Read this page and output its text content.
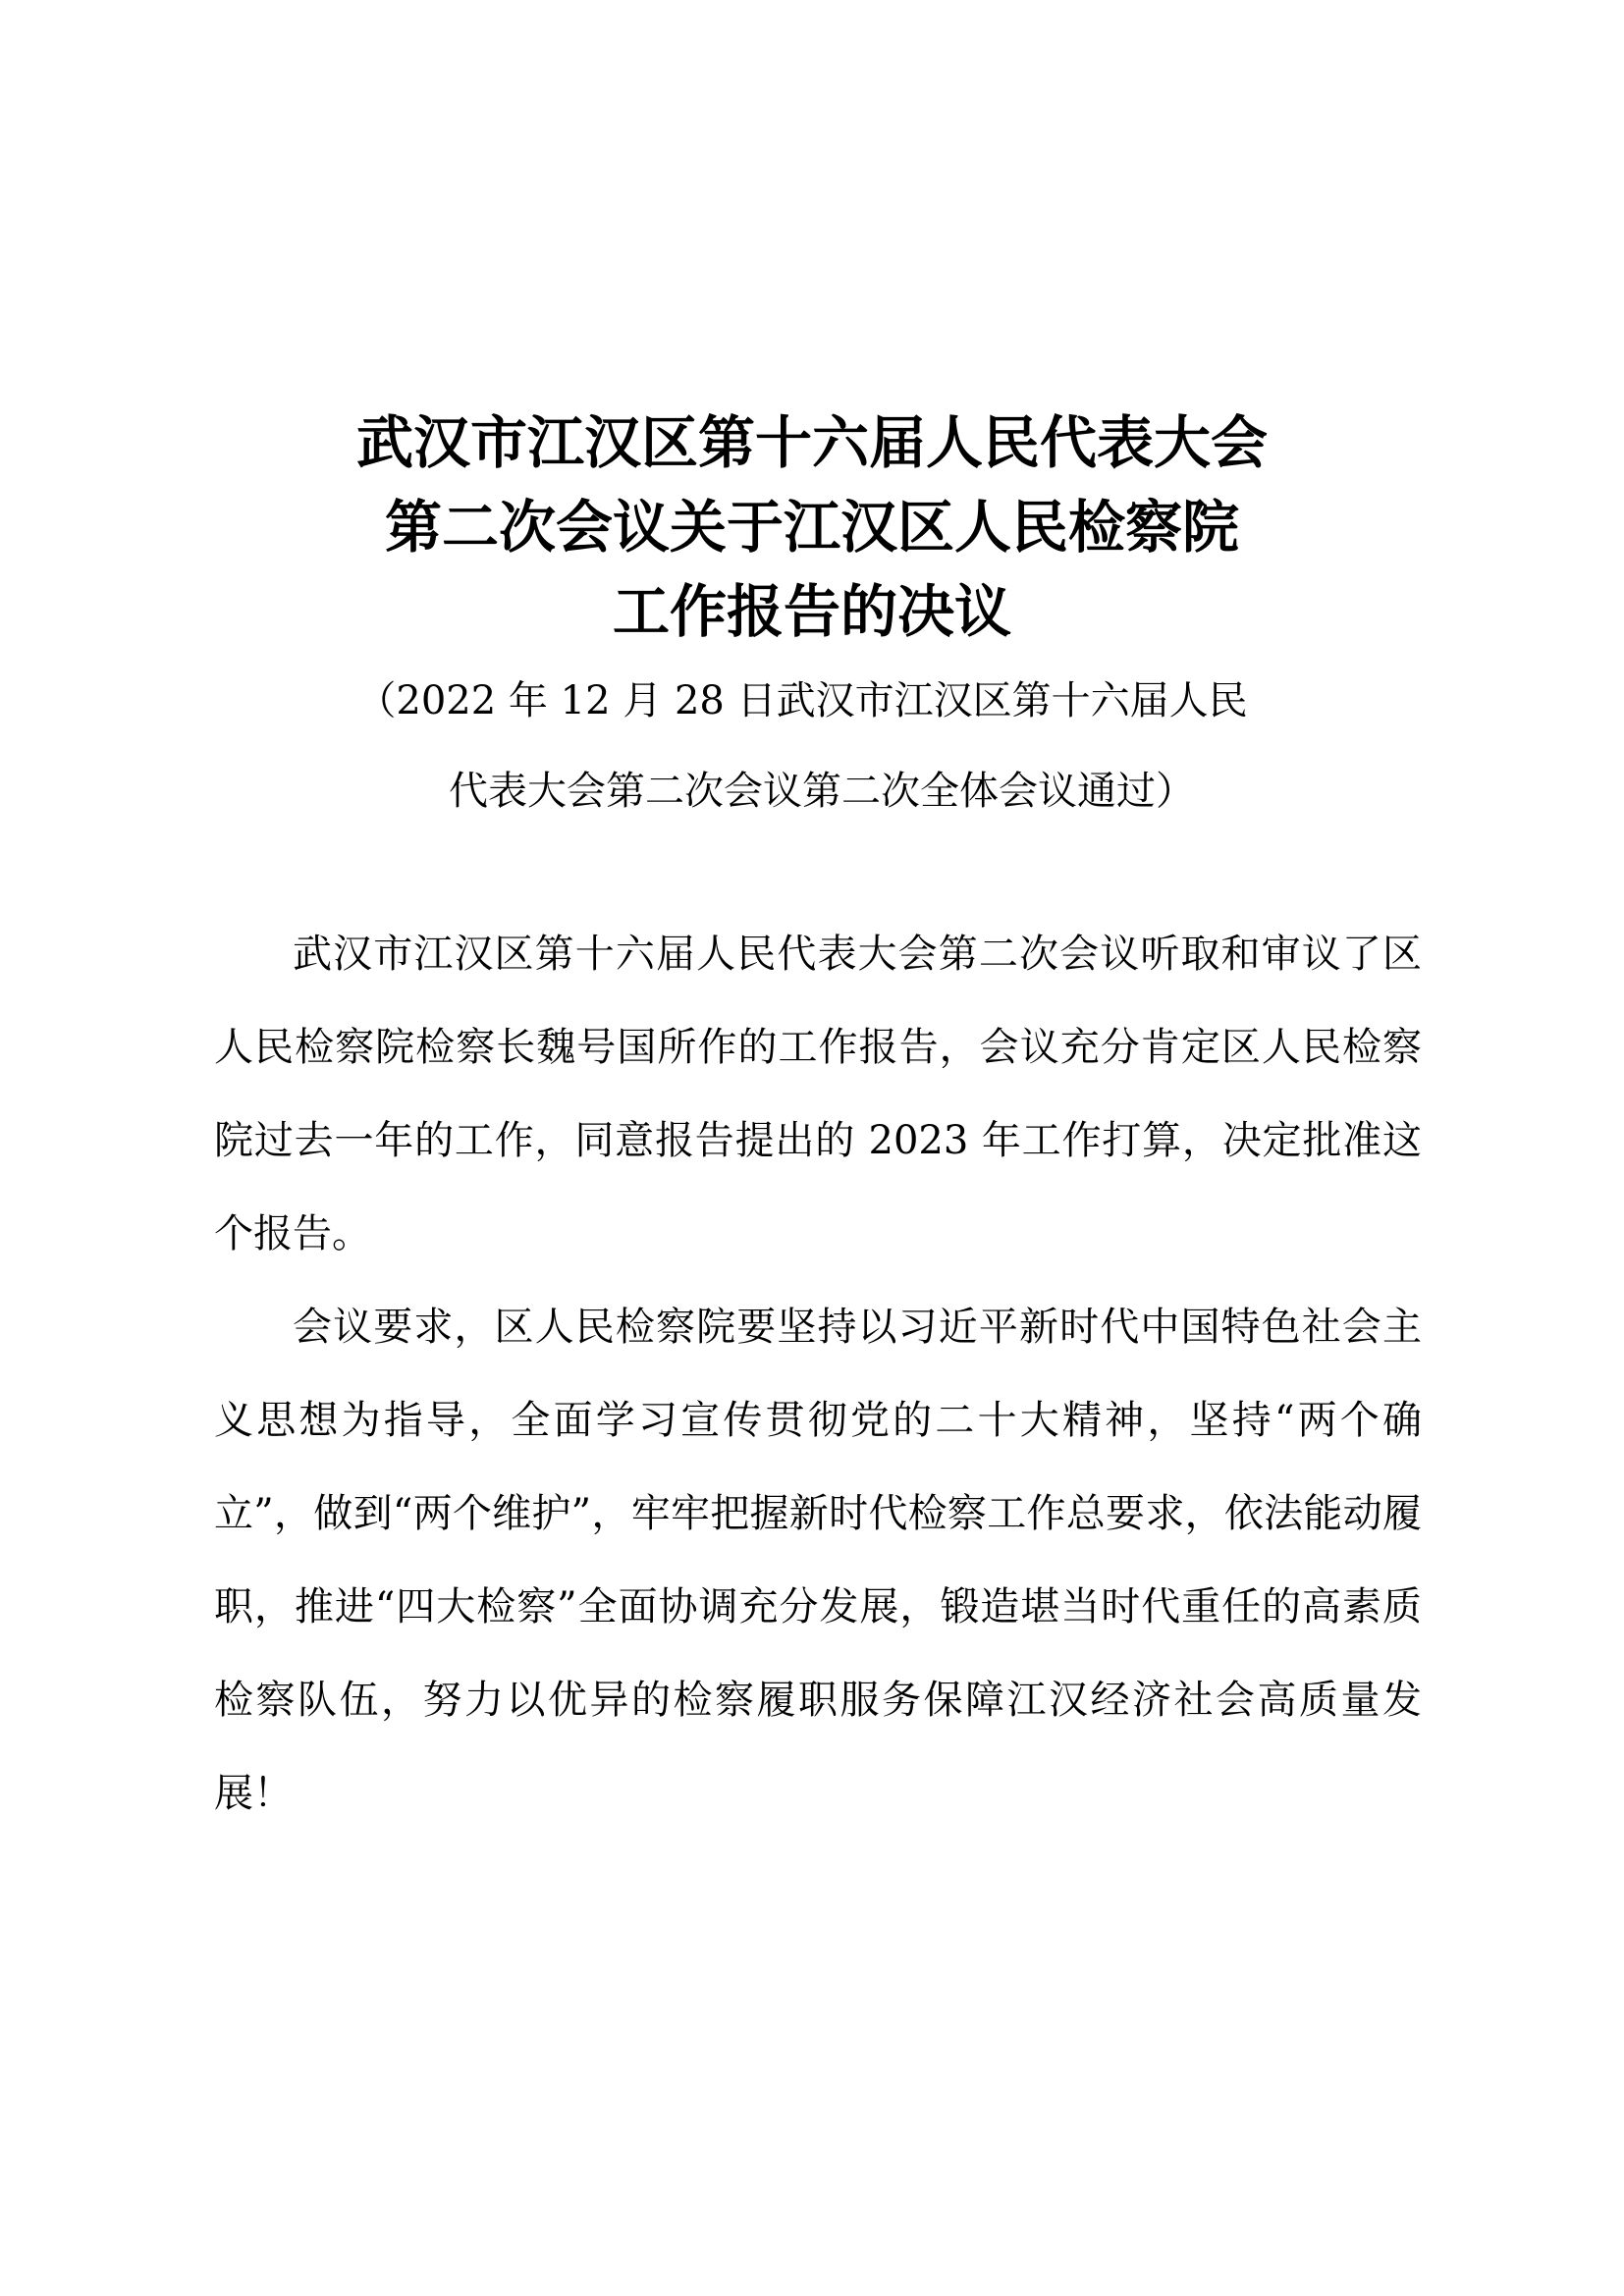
武汉市江汉区第十六届人民代表大会
第二次会议关于江汉区人民检察院
工作报告的决议
（2022 年 12 月 28 日武汉市江汉区第十六届人民
代表大会第二次会议第二次全体会议通过）

武汉市江汉区第十六届人民代表大会第二次会议听取和审议了区人民检察院检察长魏号国所作的工作报告，会议充分肯定区人民检察院过去一年的工作，同意报告提出的 2023 年工作打算，决定批准这个报告。

会议要求，区人民检察院要坚持以习近平新时代中国特色社会主义思想为指导，全面学习宣传贯彻党的二十大精神，坚持“两个确立”，做到“两个维护”，牢牢把握新时代检察工作总要求，依法能动履职，推进“四大检察”全面协调充分发展，锻造堪当时代重任的高素质检察队伍，努力以优异的检察履职服务保障江汉经济社会高质量发展！
